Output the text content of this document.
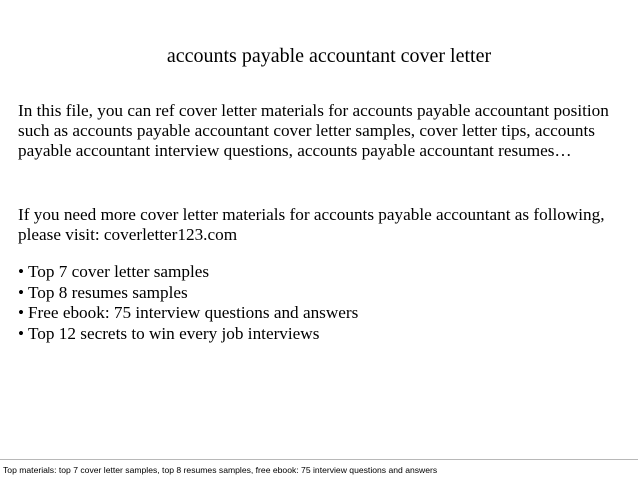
accounts payable accountant cover letter

In this file, you can ref cover letter materials for accounts payable accountant position such as accounts payable accountant cover letter samples, cover letter tips, accounts payable accountant interview questions, accounts payable accountant resumes…

If you need more cover letter materials for accounts payable accountant as following, please visit: coverletter123.com

• Top 7 cover letter samples
• Top 8 resumes samples
• Free ebook: 75 interview questions and answers
• Top 12 secrets to win every job interviews
Top materials: top 7 cover letter samples, top 8 resumes samples, free ebook: 75 interview questions and answers
